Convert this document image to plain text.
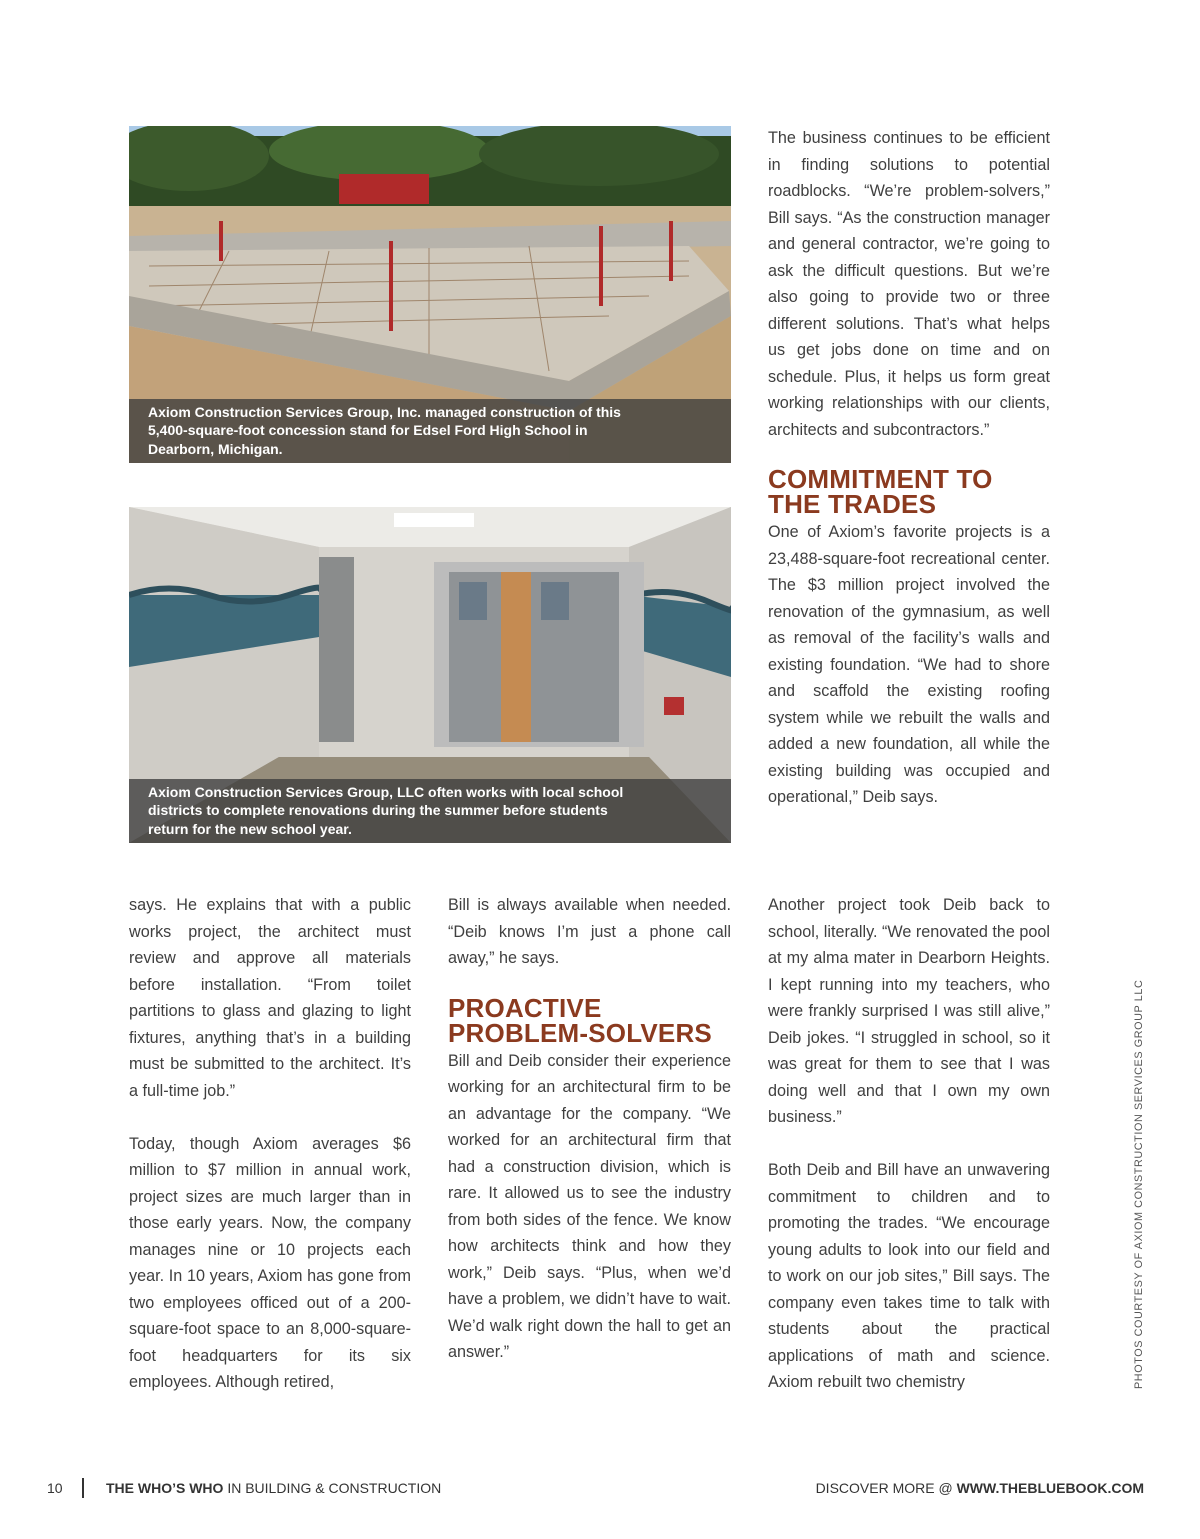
Axiom Construction Services Group, Inc. managed construction of this 5,400-square-foot concession stand for Edsel Ford High School in Dearborn, Michigan.
Axiom Construction Services Group, LLC often works with local school districts to complete renovations during the summer before students return for the new school year.

The business continues to be efficient in finding solutions to potential roadblocks. “We’re problem-solvers,” Bill says. “As the construction manager and general contractor, we’re going to ask the difficult questions. But we’re also going to provide two or three different solutions. That’s what helps us get jobs done on time and on schedule. Plus, it helps us form great working relationships with our clients, architects and subcontractors.”

COMMITMENT TO THE TRADES

One of Axiom’s favorite projects is a 23,488-square-foot recreational center. The $3 million project involved the renovation of the gymnasium, as well as removal of the facility’s walls and existing foundation. “We had to shore and scaffold the existing roofing system while we rebuilt the walls and added a new foundation, all while the existing building was occupied and operational,” Deib says.

says. He explains that with a public works project, the architect must review and approve all materials before installation. “From toilet partitions to glass and glazing to light fixtures, anything that’s in a building must be submitted to the architect. It’s a full-time job.”

Today, though Axiom averages $6 million to $7 million in annual work, project sizes are much larger than in those early years. Now, the company manages nine or 10 projects each year. In 10 years, Axiom has gone from two employees officed out of a 200-square-foot space to an 8,000-square-foot headquarters for its six employees. Although retired,

Bill is always available when needed. “Deib knows I’m just a phone call away,” he says.

PROACTIVE PROBLEM-SOLVERS

Bill and Deib consider their experience working for an architectural firm to be an advantage for the company. “We worked for an architectural firm that had a construction division, which is rare. It allowed us to see the industry from both sides of the fence. We know how architects think and how they work,” Deib says. “Plus, when we’d have a problem, we didn’t have to wait. We’d walk right down the hall to get an answer.”

Another project took Deib back to school, literally. “We renovated the pool at my alma mater in Dearborn Heights. I kept running into my teachers, who were frankly surprised I was still alive,” Deib jokes. “I struggled in school, so it was great for them to see that I was doing well and that I own my own business.”

Both Deib and Bill have an unwavering commitment to children and to promoting the trades. “We encourage young adults to look into our field and to work on our job sites,” Bill says. The company even takes time to talk with students about the practical applications of math and science. Axiom rebuilt two chemistry	PHOTOS COURTESY OF AXIOM CONSTRUCTION SERVICES GROUP LLC
10	THE WHO’S WHO IN BUILDING & CONSTRUCTION	DISCOVER MORE @ WWW.THEBLUEBOOK.COM
